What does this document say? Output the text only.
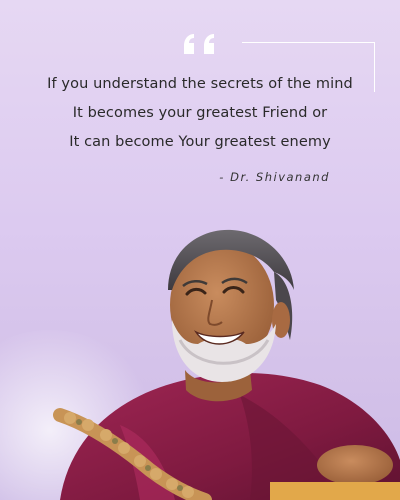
If you understand the secrets of the mind
It becomes your greatest Friend or
It can become Your greatest enemy
- Dr. Shivanand
